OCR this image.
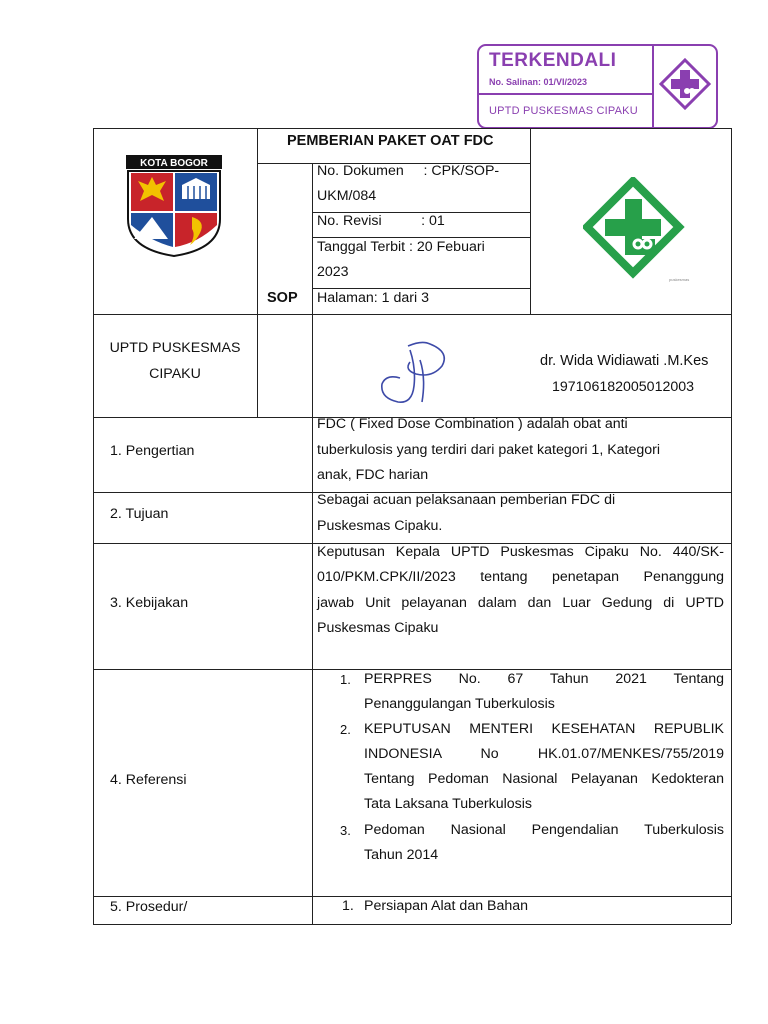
TERKENDALI
No. Salinan: 01/VI/2023
UPTD PUSKESMAS CIPAKU
KOTA BOGOR
PEMBERIAN PAKET OAT FDC
SOP
No. Dokumen     : CPK/SOP-
UKM/084
No. Revisi          : 01
Tanggal Terbit : 20 Febuari
2023
Halaman: 1 dari 3
puskesmas
UPTD PUSKESMAS
CIPAKU
dr. Wida Widiawati .M.Kes
197106182005012003
1. Pengertian
FDC ( Fixed Dose Combination ) adalah obat anti
tuberkulosis yang terdiri dari paket kategori 1, Kategori
anak, FDC harian
2. Tujuan
Sebagai acuan pelaksanaan pemberian FDC di
Puskesmas Cipaku.
3. Kebijakan
Keputusan Kepala UPTD Puskesmas Cipaku No. 440/SK-
010/PKM.CPK/II/2023 tentang penetapan Penanggung
jawab Unit pelayanan dalam dan Luar Gedung di UPTD
Puskesmas Cipaku
4. Referensi
1. PERPRES No. 67 Tahun 2021 Tentang
Penanggulangan Tuberkulosis
2. KEPUTUSAN MENTERI KESEHATAN REPUBLIK
INDONESIA No HK.01.07/MENKES/755/2019
Tentang Pedoman Nasional Pelayanan Kedokteran
Tata Laksana Tuberkulosis
3. Pedoman Nasional Pengendalian Tuberkulosis
Tahun 2014
5. Prosedur/	1. Persiapan Alat dan Bahan
